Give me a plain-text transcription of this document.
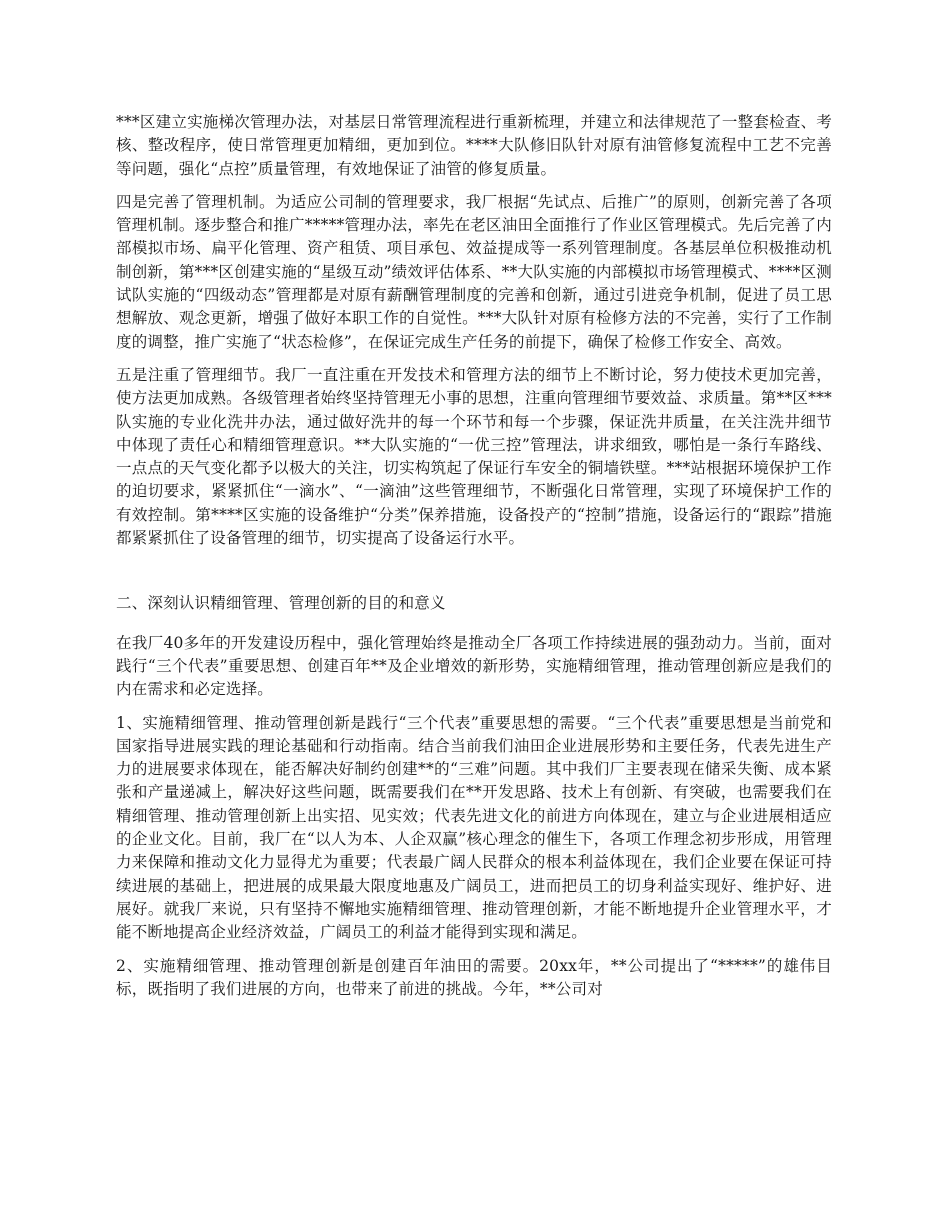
***区建立实施梯次管理办法，对基层日常管理流程进行重新梳理，并建立和法律规范了一整套检查、考核、整改程序，使日常管理更加精细，更加到位。****大队修旧队针对原有油管修复流程中工艺不完善等问题，强化“点控”质量管理，有效地保证了油管的修复质量。

四是完善了管理机制。为适应公司制的管理要求，我厂根据“先试点、后推广”的原则，创新完善了各项管理机制。逐步整合和推广*****管理办法，率先在老区油田全面推行了作业区管理模式。先后完善了内部模拟市场、扁平化管理、资产租赁、项目承包、效益提成等一系列管理制度。各基层单位积极推动机制创新，第***区创建实施的“星级互动”绩效评估体系、**大队实施的内部模拟市场管理模式、****区测试队实施的“四级动态”管理都是对原有薪酬管理制度的完善和创新，通过引进竞争机制，促进了员工思想解放、观念更新，增强了做好本职工作的自觉性。***大队针对原有检修方法的不完善，实行了工作制度的调整，推广实施了“状态检修”，在保证完成生产任务的前提下，确保了检修工作安全、高效。

五是注重了管理细节。我厂一直注重在开发技术和管理方法的细节上不断讨论，努力使技术更加完善，使方法更加成熟。各级管理者始终坚持管理无小事的思想，注重向管理细节要效益、求质量。第**区***队实施的专业化洗井办法，通过做好洗井的每一个环节和每一个步骤，保证洗井质量，在关注洗井细节中体现了责任心和精细管理意识。**大队实施的“一优三控”管理法，讲求细致，哪怕是一条行车路线、一点点的天气变化都予以极大的关注，切实构筑起了保证行车安全的铜墙铁壁。***站根据环境保护工作的迫切要求，紧紧抓住“一滴水”、“一滴油”这些管理细节，不断强化日常管理，实现了环境保护工作的有效控制。第****区实施的设备维护“分类”保养措施，设备投产的“控制”措施，设备运行的“跟踪”措施都紧紧抓住了设备管理的细节，切实提高了设备运行水平。

二、深刻认识精细管理、管理创新的目的和意义

在我厂40多年的开发建设历程中，强化管理始终是推动全厂各项工作持续进展的强劲动力。当前，面对践行“三个代表”重要思想、创建百年**及企业增效的新形势，实施精细管理，推动管理创新应是我们的内在需求和必定选择。

1、实施精细管理、推动管理创新是践行“三个代表”重要思想的需要。“三个代表”重要思想是当前党和国家指导进展实践的理论基础和行动指南。结合当前我们油田企业进展形势和主要任务，代表先进生产力的进展要求体现在，能否解决好制约创建**的“三难”问题。其中我们厂主要表现在储采失衡、成本紧张和产量递减上，解决好这些问题，既需要我们在**开发思路、技术上有创新、有突破，也需要我们在精细管理、推动管理创新上出实招、见实效；代表先进文化的前进方向体现在，建立与企业进展相适应的企业文化。目前，我厂在“以人为本、人企双赢”核心理念的催生下，各项工作理念初步形成，用管理力来保障和推动文化力显得尤为重要；代表最广阔人民群众的根本利益体现在，我们企业要在保证可持续进展的基础上，把进展的成果最大限度地惠及广阔员工，进而把员工的切身利益实现好、维护好、进展好。就我厂来说，只有坚持不懈地实施精细管理、推动管理创新，才能不断地提升企业管理水平，才能不断地提高企业经济效益，广阔员工的利益才能得到实现和满足。

2、实施精细管理、推动管理创新是创建百年油田的需要。20xx年，**公司提出了“*****”的雄伟目标，既指明了我们进展的方向，也带来了前进的挑战。今年，**公司对
